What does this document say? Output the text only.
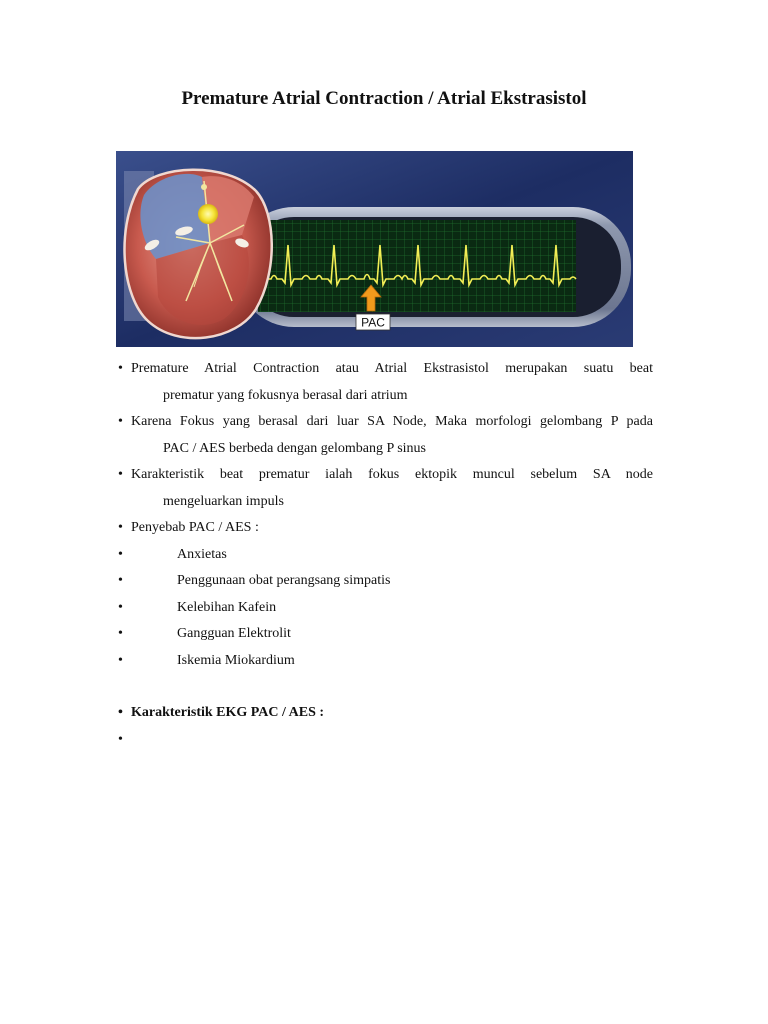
Premature Atrial Contraction / Atrial Ekstrasistol
PAC
• Premature Atrial Contraction atau Atrial Ekstrasistol merupakan suatu beat
prematur yang fokusnya berasal dari atrium
• Karena Fokus yang berasal dari luar SA Node, Maka morfologi gelombang P pada
PAC / AES berbeda dengan gelombang P sinus
• Karakteristik beat prematur ialah fokus ektopik muncul sebelum SA node
mengeluarkan impuls
• Penyebab PAC / AES :
•	Anxietas
•	Penggunaan obat perangsang simpatis
•	Kelebihan Kafein
•	Gangguan Elektrolit
•	Iskemia Miokardium
• Karakteristik EKG PAC / AES :
•
